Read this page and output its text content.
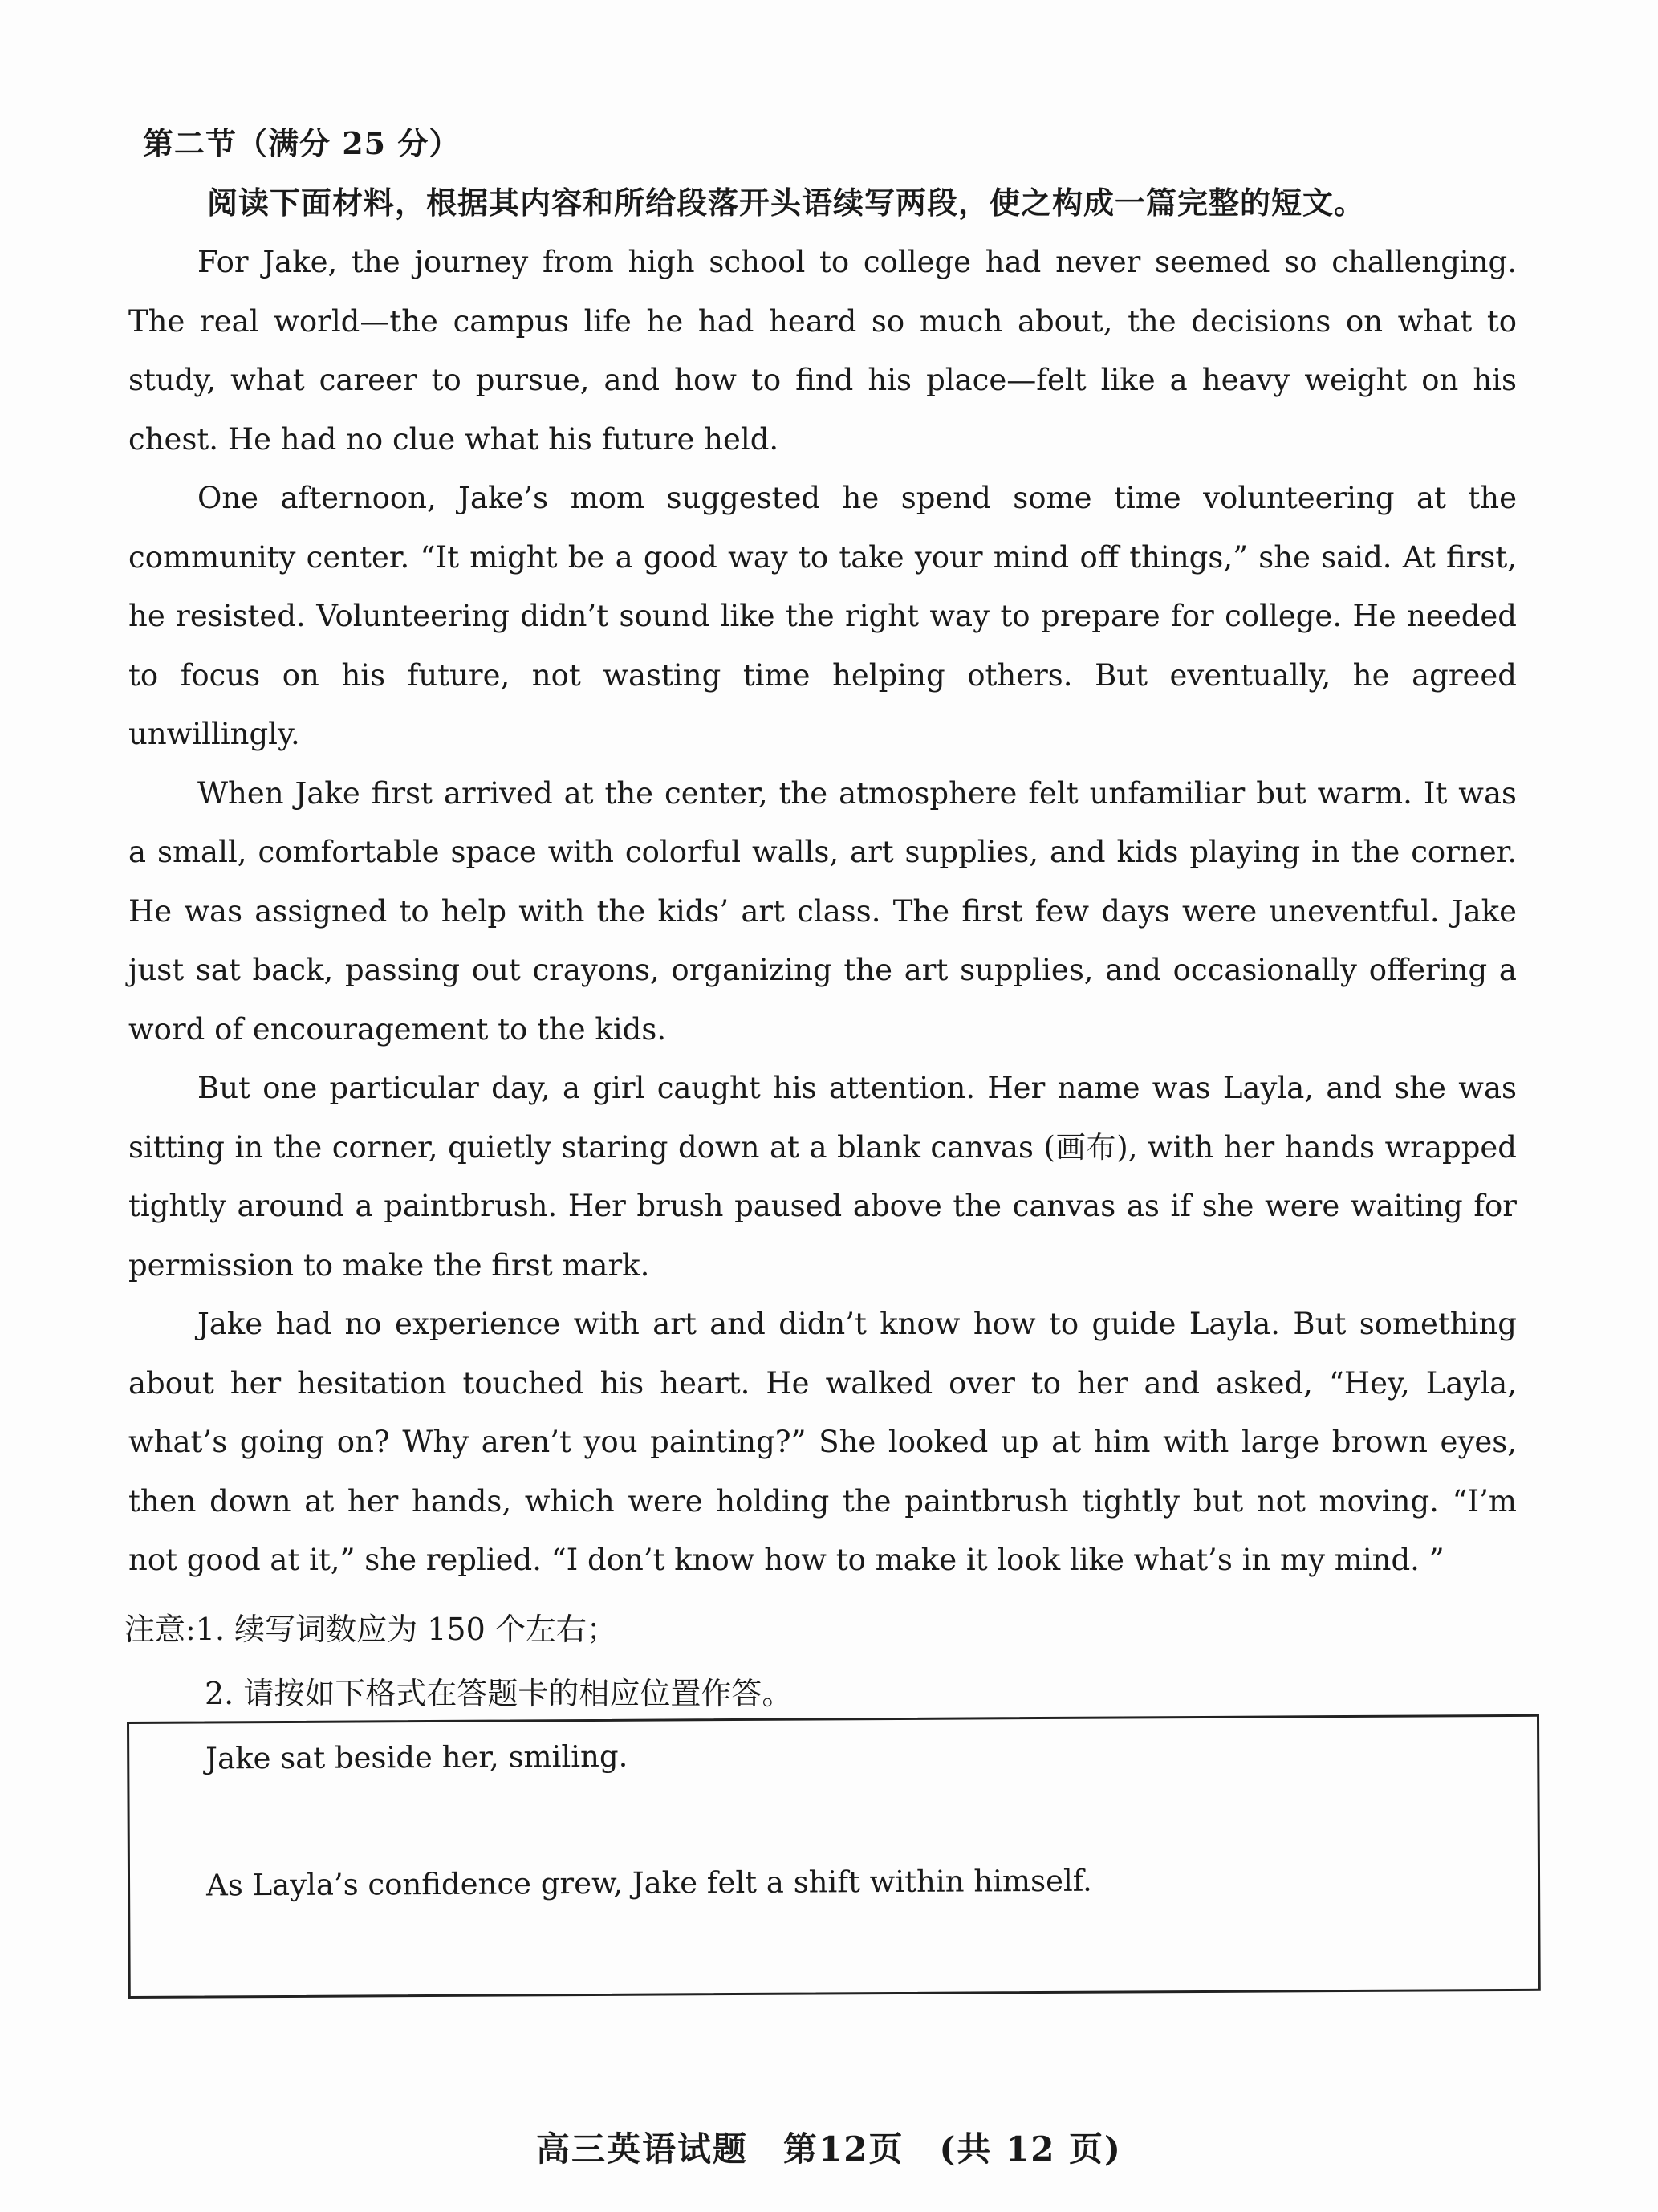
第二节（满分 25 分）
阅读下面材料，根据其内容和所给段落开头语续写两段，使之构成一篇完整的短文。

For Jake, the journey from high school to college had never seemed so challenging. The real world—the campus life he had heard so much about, the decisions on what to study, what career to pursue, and how to find his place—felt like a heavy weight on his chest. He had no clue what his future held.

One afternoon, Jake’s mom suggested he spend some time volunteering at the community center. “It might be a good way to take your mind off things,” she said. At first, he resisted. Volunteering didn’t sound like the right way to prepare for college. He needed to focus on his future, not wasting time helping others. But eventually, he agreed unwillingly.

When Jake first arrived at the center, the atmosphere felt unfamiliar but warm. It was a small, comfortable space with colorful walls, art supplies, and kids playing in the corner. He was assigned to help with the kids’ art class. The first few days were uneventful. Jake just sat back, passing out crayons, organizing the art supplies, and occasionally offering a word of encouragement to the kids.

But one particular day, a girl caught his attention. Her name was Layla, and she was sitting in the corner, quietly staring down at a blank canvas (画布), with her hands wrapped tightly around a paintbrush. Her brush paused above the canvas as if she were waiting for permission to make the first mark.

Jake had no experience with art and didn’t know how to guide Layla. But something about her hesitation touched his heart. He walked over to her and asked, “Hey, Layla, what’s going on? Why aren’t you painting?” She looked up at him with large brown eyes, then down at her hands, which were holding the paintbrush tightly but not moving. “I’m not good at it,” she replied. “I don’t know how to make it look like what’s in my mind. ”

注意:1. 续写词数应为 150 个左右；

2. 请按如下格式在答题卡的相应位置作答。

Jake sat beside her, smiling.
As Layla’s confidence grew, Jake felt a shift within himself.
高三英语试题　第12页　(共 12 页)
